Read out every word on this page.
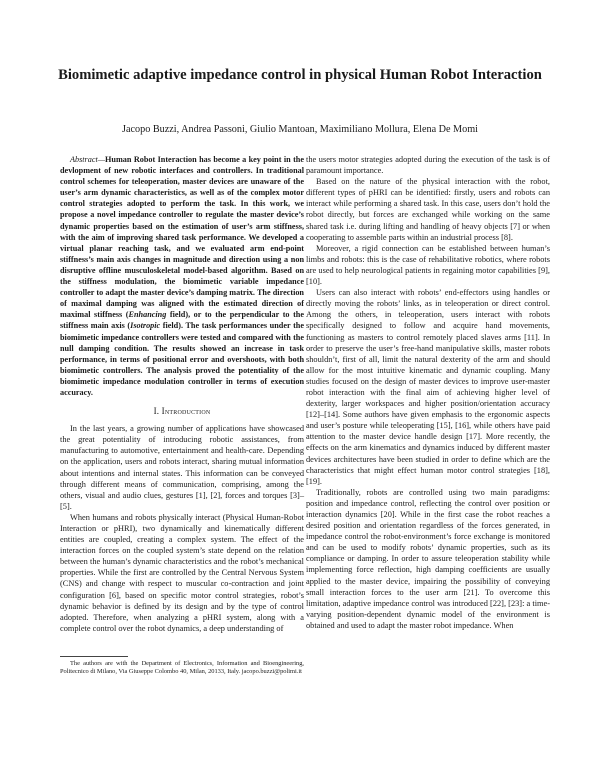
Biomimetic adaptive impedance control in physical Human Robot Interaction
Jacopo Buzzi, Andrea Passoni, Giulio Mantoan, Maximiliano Mollura, Elena De Momi

Abstract—Human Robot Interaction has become a key point in the devlopment of new robotic interfaces and controllers. In traditional control schemes for teleoperation, master devices are unaware of the user’s arm dynamic characteristics, as well as of the complex motor control strategies adopted to perform the task. In this work, we propose a novel impedance controller to regulate the master device’s dynamic properties based on the estimation of user’s arm stiffness, with the aim of improving shared task performance. We developed a virtual planar reaching task, and we evaluated arm end-point stiffness’s main axis changes in magnitude and direction using a non disruptive offline musculoskeletal model-based algorithm. Based on the stiffness modulation, the biomimetic variable impedance controller to adapt the master device’s damping matrix. The direction of maximal damping was aligned with the estimated direction of maximal stiffness (Enhancing field), or to the perpendicular to the stiffness main axis (Isotropic field). The task performances under the biomimetic impedance controllers were tested and compared with the null damping condition. The results showed an increase in task performance, in terms of positional error and overshoots, with both biomimetic controllers. The analysis proved the potentiality of the biomimetic impedance modulation controller in terms of execution accuracy.

I. Introduction

In the last years, a growing number of applications have showcased the great potentiality of introducing robotic assistances, from manufacturing to automotive, entertainment and health-care. Depending on the application, users and robots interact, sharing mutual information about intentions and internal states. This information can be conveyed through different means of communication, comprising, among the others, visual and audio clues, gestures [1], [2], forces and torques [3]–[5].

When humans and robots physically interact (Physical Human-Robot Interaction or pHRI), two dynamically and kinematically different entities are coupled, creating a complex system. The effect of the interaction forces on the coupled system’s state depend on the relation between the human’s dynamic characteristics and the robot’s mechanical properties. While the first are controlled by the Central Nervous System (CNS) and change with respect to muscular co-contraction and joint configuration [6], based on specific motor control strategies, robot’s dynamic behavior is defined by its design and by the type of control adopted. Therefore, when analyzing a pHRI system, along with a complete control over the robot dynamics, a deep understanding of

The authors are with the Department of Electronics, Information and Bioengineering, Politecnico di Milano, Via Giuseppe Colombo 40, Milan, 20133, Italy. jacopo.buzzi@polimi.it

the users motor strategies adopted during the execution of the task is of paramount importance.

Based on the nature of the physical interaction with the robot, different types of pHRI can be identified: firstly, users and robots can interact while performing a shared task. In this case, users don’t hold the robot directly, but forces are exchanged while working on the same shared task i.e. during lifting and handling of heavy objects [7] or when cooperating to assemble parts within an industrial process [8].

Moreover, a rigid connection can be established between human’s limbs and robots: this is the case of rehabilitative robotics, where robots are used to help neurological patients in regaining motor capabilities [9], [10].

Users can also interact with robots’ end-effectors using handles or directly moving the robots’ links, as in teleoperation or direct control. Among the others, in teleoperation, users interact with robots specifically designed to follow and acquire hand movements, functioning as masters to control remotely placed slaves arms [11]. In order to preserve the user’s free-hand manipulative skills, master robots shouldn’t, first of all, limit the natural dexterity of the arm and should allow for the most intuitive kinematic and dynamic coupling. Many studies focused on the design of master devices to improve user-master robot interaction with the final aim of achieving higher level of dexterity, larger workspaces and higher position/orientation accuracy [12]–[14]. Some authors have given emphasis to the ergonomic aspects and user’s posture while teleoperating [15], [16], while others have paid attention to the master device handle design [17]. More recently, the effects on the arm kinematics and dynamics induced by different master devices architectures have been studied in order to define which are the characteristics that might effect human motor control strategies [18], [19].

Traditionally, robots are controlled using two main paradigms: position and impedance control, reflecting the control over position or interaction dynamics [20]. While in the first case the robot reaches a desired position and orientation regardless of the forces generated, in impedance control the robot-environment’s force exchange is monitored and can be used to modify robots’ dynamic properties, such as its compliance or damping. In order to assure teleoperation stability while implementing force reflection, high damping coefficients are usually applied to the master device, impairing the possibility of conveying small interaction forces to the user arm [21]. To overcome this limitation, adaptive impedance control was introduced [22], [23]: a time-varying position-dependent dynamic model of the environment is obtained and used to adapt the master robot impedance. When
